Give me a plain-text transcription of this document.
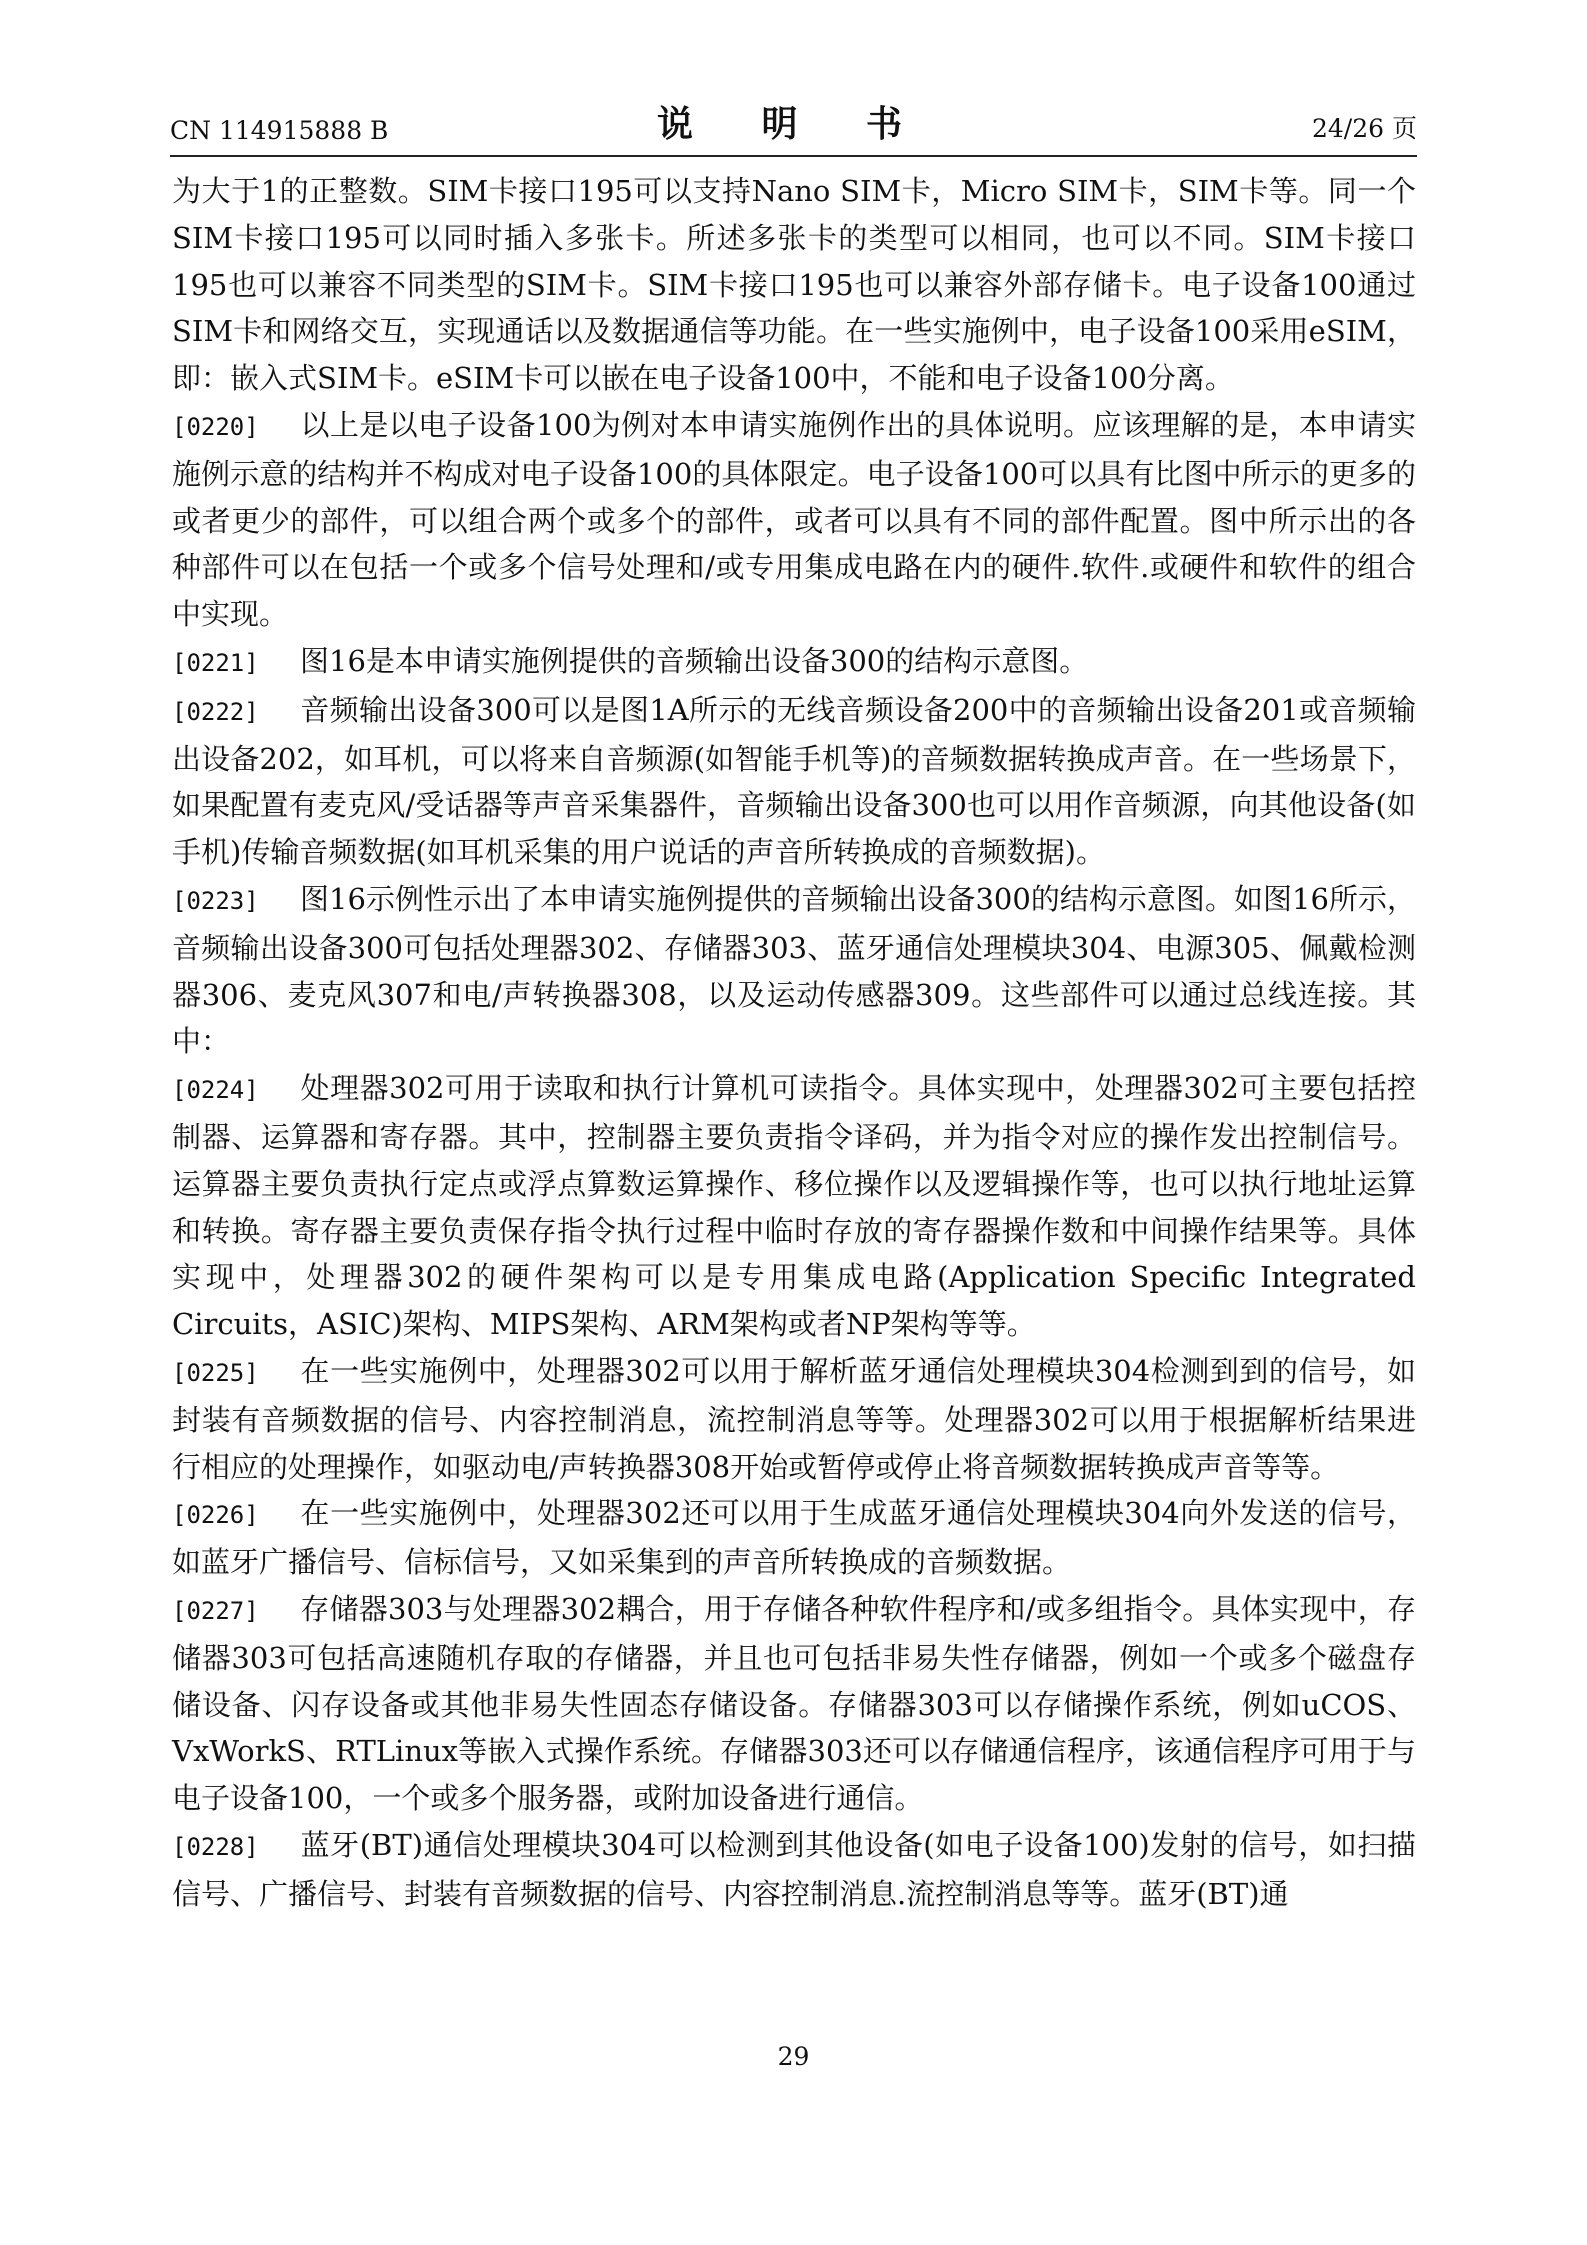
CN 114915888 B	说 明 书	24/26 页

为大于1的正整数。SIM卡接口195可以支持Nano SIM卡，Micro SIM卡，SIM卡等。同一个SIM卡接口195可以同时插入多张卡。所述多张卡的类型可以相同，也可以不同。SIM卡接口195也可以兼容不同类型的SIM卡。SIM卡接口195也可以兼容外部存储卡。电子设备100通过SIM卡和网络交互，实现通话以及数据通信等功能。在一些实施例中，电子设备100采用eSIM，即：嵌入式SIM卡。eSIM卡可以嵌在电子设备100中，不能和电子设备100分离。

[0220] 以上是以电子设备100为例对本申请实施例作出的具体说明。应该理解的是，本申请实施例示意的结构并不构成对电子设备100的具体限定。电子设备100可以具有比图中所示的更多的或者更少的部件，可以组合两个或多个的部件，或者可以具有不同的部件配置。图中所示出的各种部件可以在包括一个或多个信号处理和/或专用集成电路在内的硬件.软件.或硬件和软件的组合中实现。

[0221] 图16是本申请实施例提供的音频输出设备300的结构示意图。

[0222] 音频输出设备300可以是图1A所示的无线音频设备200中的音频输出设备201或音频输出设备202，如耳机，可以将来自音频源(如智能手机等)的音频数据转换成声音。在一些场景下，如果配置有麦克风/受话器等声音采集器件，音频输出设备300也可以用作音频源，向其他设备(如手机)传输音频数据(如耳机采集的用户说话的声音所转换成的音频数据)。

[0223] 图16示例性示出了本申请实施例提供的音频输出设备300的结构示意图。如图16所示，音频输出设备300可包括处理器302、存储器303、蓝牙通信处理模块304、电源305、佩戴检测器306、麦克风307和电/声转换器308，以及运动传感器309。这些部件可以通过总线连接。其中：

[0224] 处理器302可用于读取和执行计算机可读指令。具体实现中，处理器302可主要包括控制器、运算器和寄存器。其中，控制器主要负责指令译码，并为指令对应的操作发出控制信号。运算器主要负责执行定点或浮点算数运算操作、移位操作以及逻辑操作等，也可以执行地址运算和转换。寄存器主要负责保存指令执行过程中临时存放的寄存器操作数和中间操作结果等。具体实现中，处理器302的硬件架构可以是专用集成电路(Application Specific Integrated Circuits，ASIC)架构、MIPS架构、ARM架构或者NP架构等等。

[0225] 在一些实施例中，处理器302可以用于解析蓝牙通信处理模块304检测到到的信号，如封装有音频数据的信号、内容控制消息，流控制消息等等。处理器302可以用于根据解析结果进行相应的处理操作，如驱动电/声转换器308开始或暂停或停止将音频数据转换成声音等等。

[0226] 在一些实施例中，处理器302还可以用于生成蓝牙通信处理模块304向外发送的信号，如蓝牙广播信号、信标信号，又如采集到的声音所转换成的音频数据。

[0227] 存储器303与处理器302耦合，用于存储各种软件程序和/或多组指令。具体实现中，存储器303可包括高速随机存取的存储器，并且也可包括非易失性存储器，例如一个或多个磁盘存储设备、闪存设备或其他非易失性固态存储设备。存储器303可以存储操作系统，例如uCOS、VxWorkS、RTLinux等嵌入式操作系统。存储器303还可以存储通信程序，该通信程序可用于与电子设备100，一个或多个服务器，或附加设备进行通信。

[0228] 蓝牙(BT)通信处理模块304可以检测到其他设备(如电子设备100)发射的信号，如扫描信号、广播信号、封装有音频数据的信号、内容控制消息.流控制消息等等。蓝牙(BT)通

29
